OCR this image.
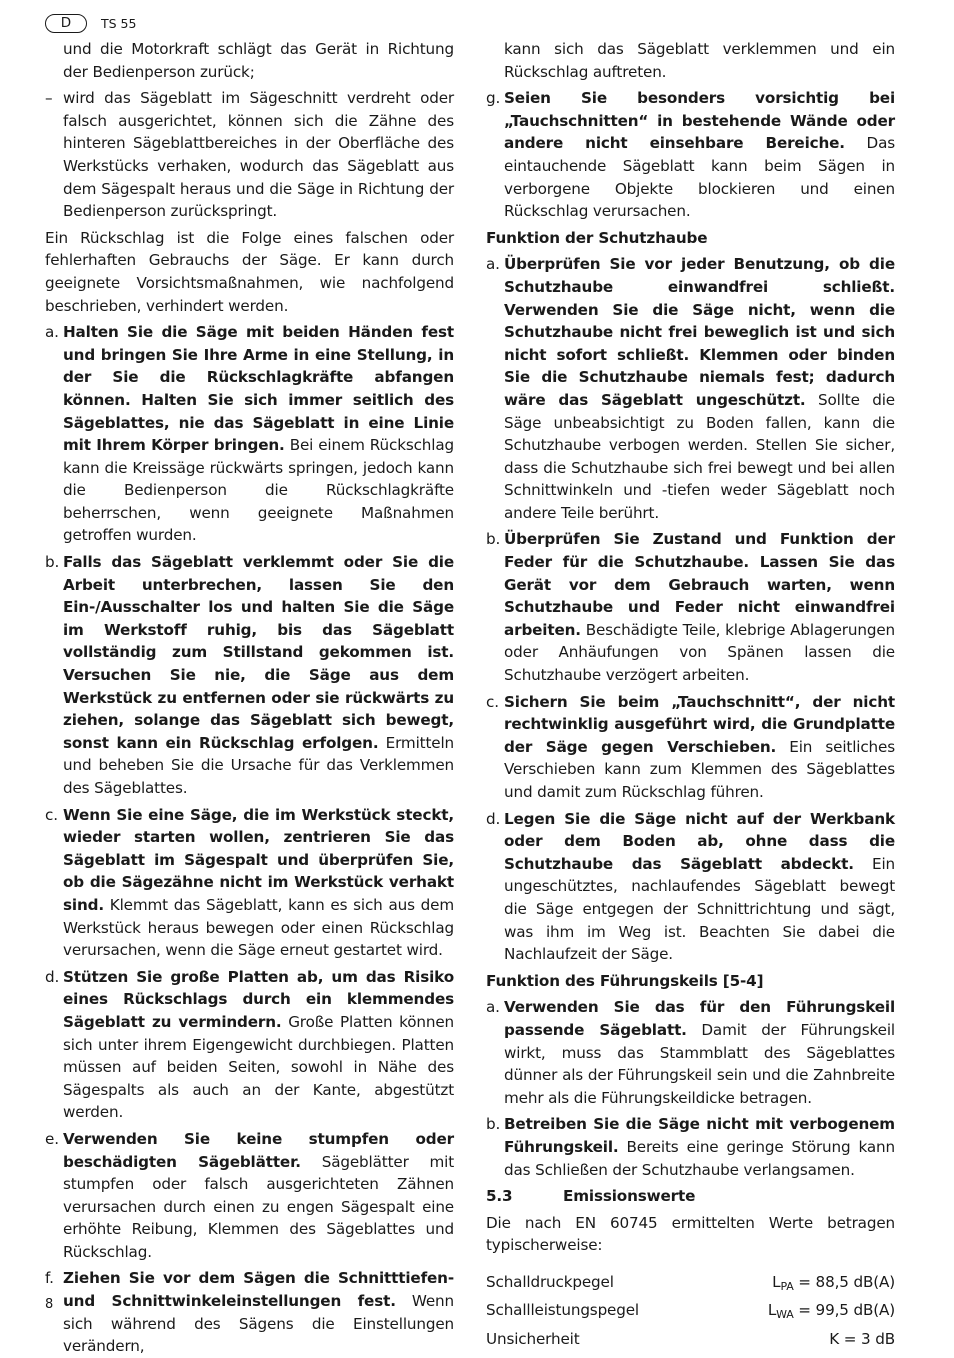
D	TS 55

und die Motorkraft schlägt das Gerät in Richtung der Bedienperson zurück;

– wird das Sägeblatt im Sägeschnitt verdreht oder falsch ausgerichtet, können sich die Zähne des hinteren Sägeblattbereiches in der Oberfläche des Werkstücks verhaken, wodurch das Sägeblatt aus dem Sägespalt heraus und die Säge in Richtung der Bedienperson zurückspringt.

Ein Rückschlag ist die Folge eines falschen oder fehlerhaften Gebrauchs der Säge. Er kann durch geeignete Vorsichtsmaßnahmen, wie nachfolgend beschrieben, verhindert werden.

a. Halten Sie die Säge mit beiden Händen fest und bringen Sie Ihre Arme in eine Stellung, in der Sie die Rückschlagkräfte abfangen können. Halten Sie sich immer seitlich des Sägeblattes, nie das Sägeblatt in eine Linie mit Ihrem Körper bringen. Bei einem Rückschlag kann die Kreissäge rückwärts springen, jedoch kann die Bedienperson die Rückschlagkräfte beherrschen, wenn geeignete Maßnahmen getroffen wurden.
b. Falls das Sägeblatt verklemmt oder Sie die Arbeit unterbrechen, lassen Sie den Ein-/Ausschalter los und halten Sie die Säge im Werkstoff ruhig, bis das Sägeblatt vollständig zum Stillstand gekommen ist. Versuchen Sie nie, die Säge aus dem Werkstück zu entfernen oder sie rückwärts zu ziehen, solange das Sägeblatt sich bewegt, sonst kann ein Rückschlag erfolgen. Ermitteln und beheben Sie die Ursache für das Verklemmen des Sägeblattes.
c. Wenn Sie eine Säge, die im Werkstück steckt, wieder starten wollen, zentrieren Sie das Sägeblatt im Sägespalt und überprüfen Sie, ob die Sägezähne nicht im Werkstück verhakt sind. Klemmt das Sägeblatt, kann es sich aus dem Werkstück heraus bewegen oder einen Rückschlag verursachen, wenn die Säge erneut gestartet wird.
d. Stützen Sie große Platten ab, um das Risiko eines Rückschlags durch ein klemmendes Sägeblatt zu vermindern. Große Platten können sich unter ihrem Eigengewicht durchbiegen. Platten müssen auf beiden Seiten, sowohl in Nähe des Sägespalts als auch an der Kante, abgestützt werden.
e. Verwenden Sie keine stumpfen oder beschädigten Sägeblätter. Sägeblätter mit stumpfen oder falsch ausgerichteten Zähnen verursachen durch einen zu engen Sägespalt eine erhöhte Reibung, Klemmen des Sägeblattes und Rückschlag.
f. Ziehen Sie vor dem Sägen die Schnitttiefen- und Schnittwinkeleinstellungen fest. Wenn sich während des Sägens die Einstellungen verändern,

kann sich das Sägeblatt verklemmen und ein Rückschlag auftreten.

g. Seien Sie besonders vorsichtig bei „Tauchschnitten“ in bestehende Wände oder andere nicht einsehbare Bereiche. Das eintauchende Sägeblatt kann beim Sägen in verborgene Objekte blockieren und einen Rückschlag verursachen.

Funktion der Schutzhaube

a. Überprüfen Sie vor jeder Benutzung, ob die Schutzhaube einwandfrei schließt. Verwenden Sie die Säge nicht, wenn die Schutzhaube nicht frei beweglich ist und sich nicht sofort schließt. Klemmen oder binden Sie die Schutzhaube niemals fest; dadurch wäre das Sägeblatt ungeschützt. Sollte die Säge unbeabsichtigt zu Boden fallen, kann die Schutzhaube verbogen werden. Stellen Sie sicher, dass die Schutzhaube sich frei bewegt und bei allen Schnittwinkeln und -tiefen weder Sägeblatt noch andere Teile berührt.
b. Überprüfen Sie Zustand und Funktion der Feder für die Schutzhaube. Lassen Sie das Gerät vor dem Gebrauch warten, wenn Schutzhaube und Feder nicht einwandfrei arbeiten. Beschädigte Teile, klebrige Ablagerungen oder Anhäufungen von Spänen lassen die Schutzhaube verzögert arbeiten.
c. Sichern Sie beim „Tauchschnitt“, der nicht rechtwinklig ausgeführt wird, die Grundplatte der Säge gegen Verschieben. Ein seitliches Verschieben kann zum Klemmen des Sägeblattes und damit zum Rückschlag führen.
d. Legen Sie die Säge nicht auf der Werkbank oder dem Boden ab, ohne dass die Schutzhaube das Sägeblatt abdeckt. Ein ungeschütztes, nachlaufendes Sägeblatt bewegt die Säge entgegen der Schnittrichtung und sägt, was ihm im Weg ist. Beachten Sie dabei die Nachlaufzeit der Säge.

Funktion des Führungskeils [5-4]

a. Verwenden Sie das für den Führungskeil passende Sägeblatt. Damit der Führungskeil wirkt, muss das Stammblatt des Sägeblattes dünner als der Führungskeil sein und die Zahnbreite mehr als die Führungskeildicke betragen.
b. Betreiben Sie die Säge nicht mit verbogenem Führungskeil. Bereits eine geringe Störung kann das Schließen der Schutzhaube verlangsamen.
5.3	Emissionswerte

Die nach EN 60745 ermittelten Werte betragen typischerweise:

Schalldruckpegel	$L_{PA} = 88,5$ dB(A)
Schallleistungspegel	$L_{WA} = 99,5$ dB(A)
Unsicherheit	K = 3 dB
8
